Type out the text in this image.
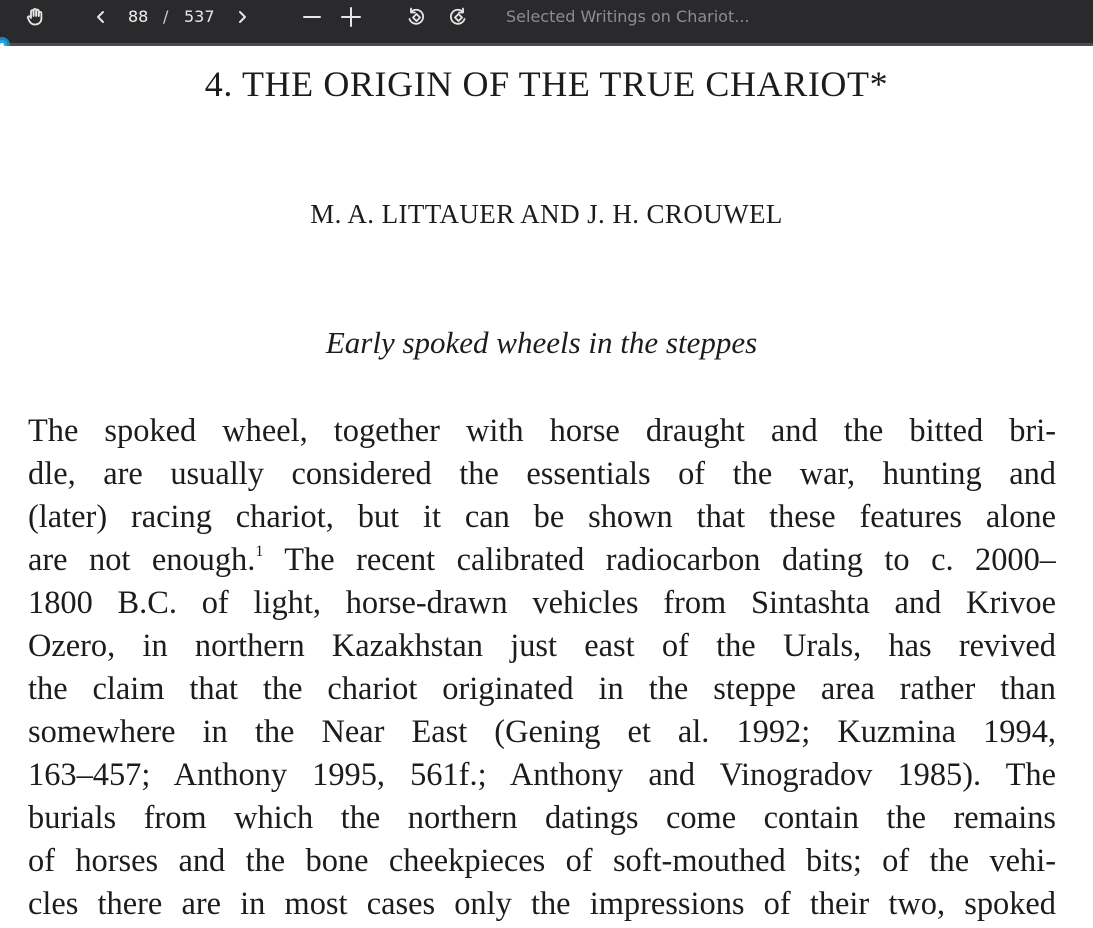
88 / 537	Selected Writings on Chariot...
4. THE ORIGIN OF THE TRUE CHARIOT*
M. A. LITTAUER AND J. H. CROUWEL
Early spoked wheels in the steppes
The spoked wheel, together with horse draught and the bitted bri-
dle, are usually considered the essentials of the war, hunting and
(later) racing chariot, but it can be shown that these features alone
are not enough.$^1$ The recent calibrated radiocarbon dating to c. 2000–
1800 B.C. of light, horse-drawn vehicles from Sintashta and Krivoe
Ozero, in northern Kazakhstan just east of the Urals, has revived
the claim that the chariot originated in the steppe area rather than
somewhere in the Near East (Gening et al. 1992; Kuzmina 1994,
163–457; Anthony 1995, 561f.; Anthony and Vinogradov 1985). The
burials from which the northern datings come contain the remains
of horses and the bone cheekpieces of soft-mouthed bits; of the vehi-
cles there are in most cases only the impressions of their two, spoked
